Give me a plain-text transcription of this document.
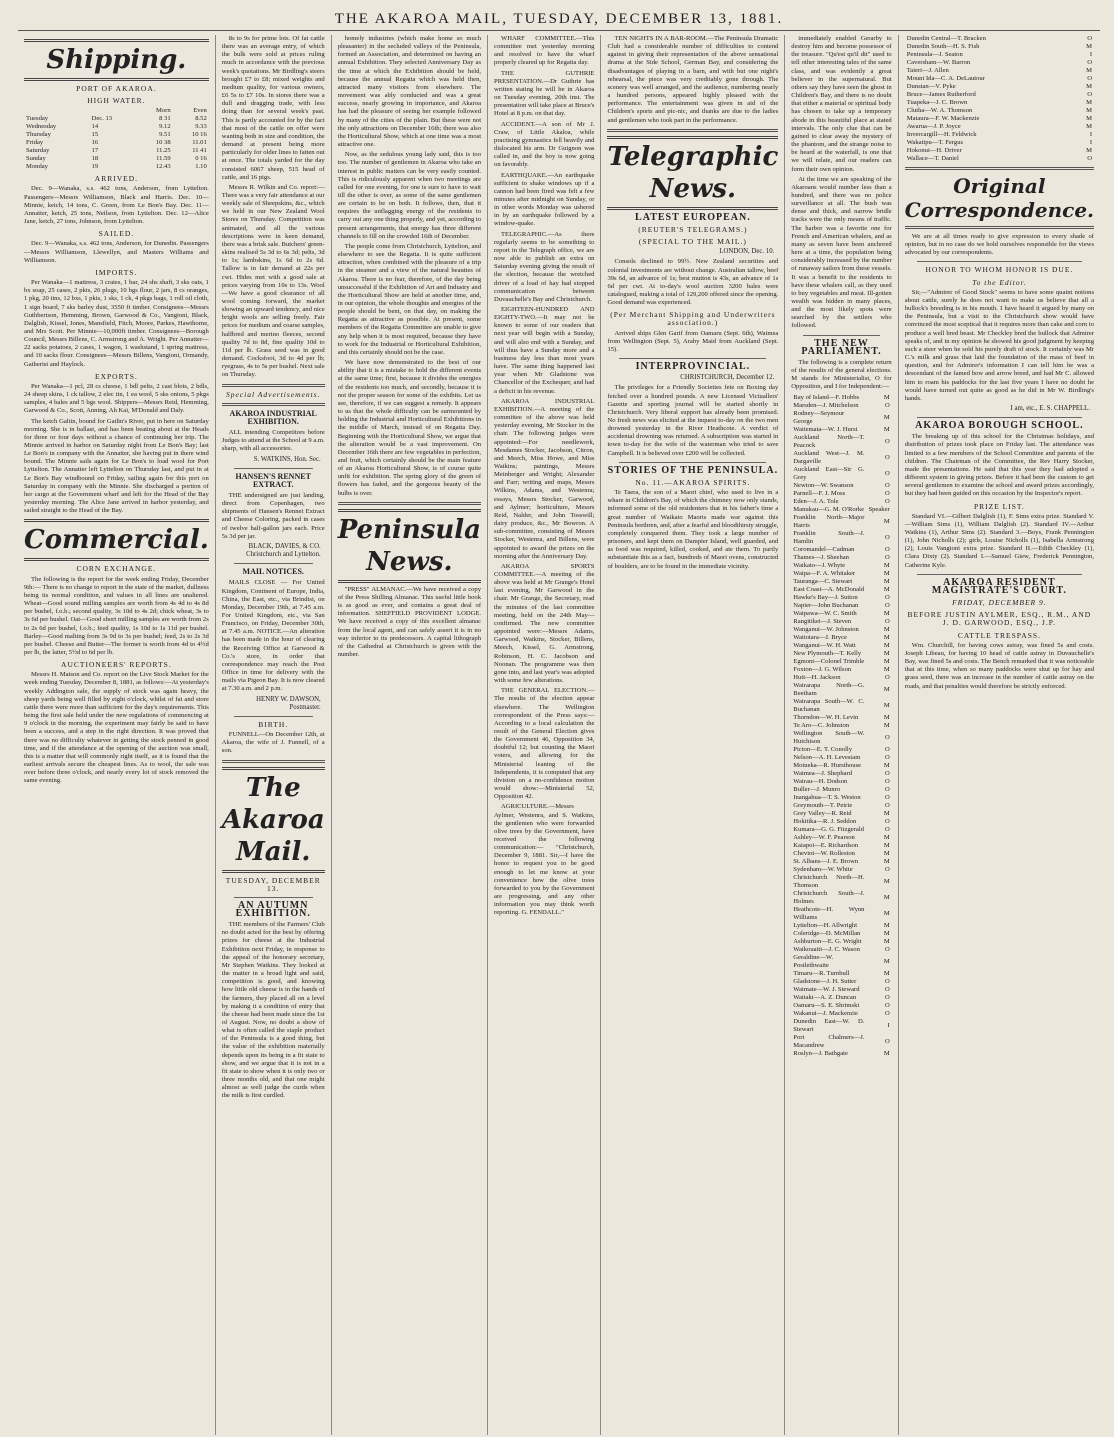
THE AKAROA MAIL, TUESDAY, DECEMBER 13, 1881.
Shipping.
PORT OF AKAROA.
HIGH WATER.
		Morn	Even
Tuesday	Dec. 13	8 31	8.52
Wednesday	14	9.12	9.33
Thursday	15	9.51	10 16
Friday	16	10 38	11.01
Saturday	17	11.25	11 41
Sunday	18	11.59	0 16
Monday	19	12.43	1.10
ARRIVED.

Dec. 9—Wanaka, s.s. 462 tons, Anderson, from Lyttelton. Passengers—Messrs Williamson, Black and Harris. Dec. 10—Minnie, ketch, 14 tons, C. Green, from Le Bon's Bay. Dec. 11—Annatter, ketch, 25 tons, Neilson, from Lyttelton. Dec. 12—Alice Jane, ketch, 27 tons, Johnson, from Lyttelton.

SAILED.

Dec. 9—Wanaka, s.s. 462 tons, Anderson, for Dunedin. Passengers—Messrs Williamson, Llewellyn, and Masters Williams and Williamson.

IMPORTS.

Per Wanaka—1 mattress, 3 crates, 1 bar, 24 shs shaft, 3 sks oats, 1 bx soap, 25 cases, 2 pkts, 26 plugs, 10 bgs flour, 2 jars, 8 cs oranges, 1 pkg, 20 tins, 12 bxs, 1 pkts, 1 sks, 1 ck, 4 pkgs bags, 1 roll oil cloth, 1 sign board, 7 sks barley dust, 3550 ft timber. Consignees—Messrs Guthbertson, Hemming, Brown, Garwood & Co., Vangioni, Black, Dalglish, Kissel, Jones, Mansfield, Fitch, Moore, Parkes, Hawthorne, and Mrs Scott. Per Minnie—10,000ft timber. Consignees—Borough Council, Messrs Billens, C. Armstrong and A. Wright. Per Annatter—22 sacks potatoes, 2 cases, 1 wagon, 1 washstand, 1 spring mattress, and 10 sacks flour. Consignees—Messrs Billens, Vangioni, Ormandy, Gatherist and Haylock.

EXPORTS.

Per Wanaka—1 pcl, 28 cs cheese, 1 bdl pelts, 2 cast blots, 2 bdls, 24 sheep skins, 1 ck tallow, 2 elec tin, 1 ea wool, 5 sks onions, 5 pkgs samples, 4 bales and 5 bgs wool. Shippers—Messrs Reid, Hemming, Garwood & Co., Scott, Anning, Ah Kai, M'Donald and Daly.

The ketch Galtin, bound for Gatlin's River, put in here on Saturday morning. She is in ballast, and has been beating about at the Heads for three or four days without a chance of continuing her trip. The Minnie arrived in harbor on Saturday night from Le Bon's Bay; last Le Bon's in company with the Annatter, she having put in there wind bound. The Minnie sails again for Le Bon's to load wool for Port Lyttelton. The Annatter left Lyttelton on Thursday last, and put in at Le Bon's Bay windbound on Friday, sailing again for this port on Saturday in company with the Minnie. She discharged a portion of her cargo at the Government wharf and left for the Head of the Bay yesterday morning. The Alice Jane arrived in harbor yesterday, and sailed straight to the Head of the Bay.

Commercial.
CORN EXCHANGE.

The following is the report for the week ending Friday, December 9th:— There is no change to report in the state of the market, dullness being its normal condition, and values in all lines are unaltered. Wheat—Good sound milling samples are worth from 4s 4d to 4s 8d per bushel, f.o.b.; second quality, 3s 10d to 4s 2d; chick wheat, 3s to 3s 6d per bushel. Oat—Good short milling samples are worth from 2s to 2s 6d per bushel, f.o.b.; feed quality, 1s 10d to 1s 11d per bushel. Barley—Good malting from 3s 9d to 3s per bushel; feed, 2s to 2s 3d per bushel. Cheese and Butter—The former is worth from 4d to 4½d per lb, the latter, 5½d to 6d per lb.

AUCTIONEERS' REPORTS.

Messrs H. Matson and Co. report on the Live Stock Market for the week ending Tuesday, December 8, 1881, as follows:—At yesterday's weekly Addington sale, the supply of stock was again heavy, the sheep yards being well filled by eight o'clock, whilst of fat and store cattle there were more than sufficient for the day's requirements. This being the first sale held under the new regulations of commencing at 9 o'clock in the morning, the experiment may fairly be said to have been a success, and a step in the right direction. It was proved that there was no difficulty whatever in getting the stock penned in good time, and if the attendance at the opening of the auction was small, this is a matter that will commonly right itself, as it is found that the earliest arrivals secure the cheapest lines. As to wool, the sale was over before three o'clock, and nearly every lot of stock removed the same evening.

8s to 9s for prime lots. Of fat cattle there was an average entry, of which the bulk were sold at prices ruling much in accordance with the previous week's quotations. Mr Birdling's steers brought £7 to £8; mixed weights and medium quality, for various owners, £6 5s to £7 10s. In stores there was a dull and dragging trade, with less doing than for several week's past. This is partly accounted for by the fact that most of the cattle on offer were wanting both in size and condition, the demand at present being more particularly for older lines to fatten out at once. The totals yarded for the day consisted 6067 sheep, 515 head of cattle, and 16 pigs.

Messrs R. Wilkin and Co. report:— There was a very fair attendance at our weekly sale of Sheepskins, &c., which we held in our New Zealand Wool Stores on Thursday. Competition was animated, and all the various descriptions were in keen demand, there was a brisk sale. Butchers' green-skins realised 5s 3d to 6s 3d; pelts, 3d to 1s; lambskins, 1s 6d to 2s 6d. Tallow is in fair demand at 22s per cwt. Hides met with a good sale at prices varying from 10s to 13s. Wool—We have a good clearance of all wool coming forward, the market showing an upward tendency, and nice bright wools are selling freely. Fair prices for medium and coarse samples, halfbred and merino fleeces, second quality 7d to 8d, fine quality 10d to 11d per lb. Grass seed was in good demand. Cocksfoot, 3d to 4d per lb; ryegrass, 4s to 5s per bushel. Next sale on Thursday.

Special Advertisements.
AKAROA INDUSTRIAL EXHIBITION.

ALL intending Competitors before Judges to attend at the School at 9 a.m. sharp, with all accessories.

S. WATKINS, Hon. Sec.
HANSEN'S RENNET EXTRACT.

THE undersigned are just landing, direct from Copenhagen, two shipments of Hansen's Rennet Extract and Cheese Coloring, packed in cases of twelve half-gallon jars each. Price 5s 3d per jar.

BLACK, DAVIES, & CO. Christchurch and Lyttelton.
MAIL NOTICES.

MAILS CLOSE — For United Kingdom, Continent of Europe, India, China, the East, etc., via Brindisi, on Monday, December 19th, at 7.45 a.m. For United Kingdom, etc., via San Francisco, on Friday, December 30th, at 7.45 a.m. NOTICE.—An alteration has been made in the hour of clearing the Receiving Office at Garwood & Co.'s store, in order that correspondence may reach the Post Office in time for delivery with the mails via Pigeon Bay. It is now cleared at 7.30 a.m. and 2 p.m.

HENRY W. DAWSON, Postmaster.
BIRTH.

FUNNELL—On December 12th, at Akaroa, the wife of J. Funnell, of a son.

The Akaroa Mail.
TUESDAY, DECEMBER 13.
AN AUTUMN EXHIBITION.

THE members of the Farmers' Club no doubt acted for the best by offering prizes for cheese at the Industrial Exhibition next Friday, in response to the appeal of the honorary secretary, Mr Stephen Watkins. They looked at the matter in a broad light and said, competition is good, and knowing how little old cheese is in the hands of the farmers, they placed all on a level by making it a condition of entry that the cheese had been made since the 1st of August. Now, no doubt a show of what is often called the staple product of the Peninsula is a good thing, but the value of the exhibition materially depends upon its being in a fit state to show, and we argue that it is not in a fit state to show when it is only two or three months old, and that one might almost as well judge the curds when the milk is first curdled.

homely industries (which make home so much pleasanter) in the secluded valleys of the Peninsula, formed an Association, and determined on having an annual Exhibition. They selected Anniversary Day as the time at which the Exhibition should be held, because the annual Regatta which was held then, attracted many visitors from elsewhere. The movement was ably conducted and was a great success, nearly growing in importance, and Akaroa has had the pleasure of seeing her example followed by many of the cities of the plain. But these were not the only attractions on December 16th; there was also the Horticultural Show, which at one time was a most attractive one.

Now, as the sedulous young lady said, this is too too. The number of gentlemen in Akaroa who take an interest in public matters can be very easily counted. This is ridiculously apparent when two meetings are called for one evening, for one is sure to have to wait till the other is over, as some of the same gentlemen are certain to be on both. It follows, then, that it requires the unflagging energy of the residents to carry out any one thing properly, and yet, according to present arrangements, that energy has three different channels to fill on the crowded 16th of December.

The people come from Christchurch, Lyttelton, and elsewhere to see the Regatta. It is quite sufficient attraction, when combined with the pleasure of a trip in the steamer and a view of the natural beauties of Akaroa. There is no fear, therefore, of the day being unsuccessful if the Exhibition of Art and Industry and the Horticultural Show are held at another time, and, in our opinion, the whole thoughts and energies of the people should be bent, on that day, on making the Regatta as attractive as possible. At present, some members of the Regatta Committee are unable to give any help when it is most required, because they have to work for the Industrial or Horticultural Exhibition, and this certainly should not be the case.

We have now demonstrated to the best of our ability that it is a mistake to hold the different events at the same time; first, because it divides the energies of the residents too much, and secondly, because it is not the proper season for some of the exhibits. Let us see, therefore, if we can suggest a remedy. It appears to us that the whole difficulty can be surmounted by holding the Industrial and Horticultural Exhibitions in the middle of March, instead of on Regatta Day. Beginning with the Horticultural Show, we argue that the alteration would be a vast improvement. On December 16th there are few vegetables in perfection, and fruit, which certainly should be the main feature of an Akaroa Horticultural Show, is of course quite unfit for exhibition. The spring glory of the green of flowers has faded, and the gorgeous beauty of the bulbs is over.

Peninsula News.

"PRESS" ALMANAC.—We have received a copy of the Press Shilling Almanac. This useful little book is as good as ever, and contains a great deal of information. SHEFFIELD PROVIDENT LODGE. We have received a copy of this excellent almanac from the local agent, and can safely assert it is in no way inferior to its predecessors. A capital lithograph of the Cathedral at Christchurch is given with the number.

WHARF COMMITTEE.—This committee met yesterday morning and resolved to have the wharf properly cleared up for Regatta day.

THE GUTHRIE PRESENTATION.—Dr Guthrie has written stating he will be in Akaroa on Tuesday evening, 20th inst. The presentation will take place at Bruce's Hotel at 8 p.m. on that day.

ACCIDENT.—A son of Mr J. Craw, of Little Akaloa, while practising gymnastics fell heavily and dislocated his arm. Dr Guignon was called in, and the boy is now going on favorably.

EARTHQUAKE.—An earthquake sufficient to shake windows up if a cannon had been fired was felt a few minutes after midnight on Sunday, or in other words Monday was ushered in by an earthquake followed by a window-quake.

TELEGRAPHIC.—As there regularly seems to be something to report in the Telegraph office, we are now able to publish an extra on Saturday evening giving the result of the election, because the wretched driver of a load of hay had stopped communication between Duvauchelle's Bay and Christchurch.

EIGHTEEN-HUNDRED AND EIGHTY-TWO.—It may not be known to some of our readers that next year will begin with a Sunday, and will also end with a Sunday, and will thus have a Sunday more and a business day less than most years have. The same thing happened last year when Mr Gladstone was Chancellor of the Exchequer, and had a deficit in his revenue.

AKAROA INDUSTRIAL EXHIBITION.—A meeting of the committee of the above was held yesterday evening, Mr Stocker in the chair. The following judges were appointed:—For needlework, Mesdames Stocker, Jacobson, Citron, and Meech, Miss Howe, and Miss Watkins; paintings, Messrs Meinberger and Wright; Alexander and Farr; writing and maps, Messrs Wilkins, Adams, and Westenra; essays, Messrs Stocker, Garwood, and Aylmer; horticulture, Messrs Reid, Nalder, and John Tosswill; dairy produce, &c., Mr Bowron. A sub-committee, consisting of Messrs Stocker, Westenra, and Billens, were appointed to award the prizes on the morning after the Anniversary Day.

AKAROA SPORTS COMMITTEE.—A meeting of the above was held at Mr Grange's Hotel last evening, Mr Garwood in the chair. Mr Grange, the Secretary, read the minutes of the last committee meeting, held on the 24th May—confirmed. The new committee appointed were:—Messrs Adams, Garwood, Watkins, Stocker, Billens, Meech, Kissel, G. Armstrong, Robinson, H. C. Jacobson and Noonan. The programme was then gone into, and last year's was adopted with some few alterations.

THE GENERAL ELECTION.—The results of the election appear elsewhere. The Wellington correspondent of the Press says:—According to a local calculation the result of the General Election gives the Government 46, Opposition 34, doubtful 12; but counting the Maori voters, and allowing for the Ministerial leaning of the Independents, it is computed that any division on a no-confidence motion would show:—Ministerial 52, Opposition 42.

AGRICULTURE.—Messrs Aylmer, Westenra, and S. Watkins, the gentlemen who were forwarded olive trees by the Government, have received the following communication:— "Christchurch, December 9, 1881. Sir,—I have the honor to request you to be good enough to let me know at your convenience how the olive trees forwarded to you by the Government are progressing, and any other information you may think worth reporting. G. FENDALL."

TEN NIGHTS IN A BAR-ROOM.—The Peninsula Dramatic Club had a considerable number of difficulties to contend against in giving their representation of the above sensational drama at the Side School, German Bay, and considering the disadvantages of playing in a barn, and with but one night's rehearsal, the piece was very creditably gone through. The scenery was well arranged, and the audience, numbering nearly a hundred persons, appeared highly pleased with the performance. The entertainment was given in aid of the Children's sports and pic-nic, and thanks are due to the ladies and gentlemen who took part in the performance.

Telegraphic News.
LATEST EUROPEAN.
(REUTER'S TELEGRAMS.)
(SPECIAL TO THE MAIL.)
LONDON, Dec. 10.

Consols declined to 99½. New Zealand securities and colonial investments are without change. Australian tallow, beef 39s 6d, an advance of 1s; best mutton is 43s, an advance of 1s 6d per cwt. At to-day's wool auction 3200 bales were catalogued, making a total of 129,200 offered since the opening. Good demand was experienced.

(Per Merchant Shipping and Underwriters association.)

Arrived ships Glen Garif from Oamaru (Sept. 6th), Waimea from Wellington (Sept. 5), Araby Maid from Auckland (Sept. 15).

INTERPROVINCIAL.
CHRISTCHURCH, December 12.

The privileges for a Friendly Societies fete on Boxing day fetched over a hundred pounds. A new Licensed Victuallers' Gazette and sporting journal will be started shortly in Christchurch. Very liberal support has already been promised. No fresh news was elicited at the inquest to-day on the two men drowned yesterday in the River Heathcote. A verdict of accidental drowning was returned. A subscription was started in town to-day for the wife of the waterman who tried to save Campbell. It is believed over £200 will be collected.

STORIES OF THE PENINSULA.
No. 11.—AKAROA SPIRITS.

Te Taera, the son of a Maori chief, who used to live in a whare in Children's Bay, of which the chimney now only stands, informed some of the old residenters that in his father's time a great number of Waikato Maoris made war against this Peninsula brethren, and, after a fearful and bloodthirsty struggle, completely conquered them. They took a large number of prisoners, and kept them on Dampier Island, well guarded, and as food was required, killed, cooked, and ate them. To partly substantiate this as a fact, bundreds of Maori ovens, constructed of boulders, are to be found in the immediate vicinity.

immediately enabled Gerarby to destroy him and become possessor of the treasure. "Qu'est qu'il dit" used to tell other interesting tales of the same class, and was evidently a great believer in the supernatural. But others say they have seen the ghost in Children's Bay, and there is no doubt that either a material or spiritual body has chosen to take up a temporary abode in this beautiful place at stated intervals. The only clue that can be gained to clear away the mystery of the phantom, and the strange noise to be heard at the waterfall, is one that we will relate, and our readers can form their own opinion.

At the time we are speaking of the Akaroans would number less than a hundred, and there was no police surveillance at all. The bush was dense and thick, and narrow bridle tracks were the only means of traffic. The harbor was a favorite one for French and American whalers, and as many as seven have been anchored here at a time, the population being considerably increased by the number of runaway sailors from these vessels. It was a benefit to the residents to have these whalers call, as they used to buy vegetables and meat. Ill-gotten wealth was hidden in many places, and the most likely spots were searched by the settlers who followed.

THE NEW PARLIAMENT.

The following is a complete return of the results of the general elections. M stands for Ministerialist, O for Opposition, and I for Independent:—

Bay of Island—F. Hobbs	M
Marsden—J. Mitchelson	O
Rodney—Seymour George	M
Waitemata—W. J. Hurst	M
Auckland North—T. Peacock	O
Auckland West—J. M. Dargaville	O
Auckland East—Sir G. Grey	O
Newton—W. Swanson	O
Parnell—F. J. Moss	O
Eden—J. A. Tole	O
Manukau—G. M. O'Rorke	Speaker
Franklin North—Major Harris	M
Franklin South—J. Hamlin	O
Coromandel—Cadman	O
Thames—J. Sheehan	O
Waikato—J. Whyte	M
Waipa—F. A. Whitaker	M
Tauranga—C. Stewart	M
East Coast—A. McDonald	M
Hawke's Bay—J. Sutton	O
Napier—John Buchanan	O
Waipawa—W. C. Smith	M
Rangitikei—J. Steven	O
Wanganui—W. Johnston	M
Waitotara—J. Bryce	M
Wanganui—W. H. Watt	M
New Plymouth—T. Kelly	M
Egmont—Colonel Trimble	M
Foxton—J. G. Wilson	M
Hutt—H. Jackson	O
Wairarapa North—G. Beetham	M
Wairarapa South—W. C. Buchanan	M
Thorndon—W. H. Levin	M
Te Aro—C. Johnston	M
Wellington South—W. Hutchison	O
Picton—E. T. Conolly	O
Nelson—A. H. Levestam	O
Motueka—R. Hursthouse	M
Waimea—J. Shephard	O
Wairau—H. Dodson	O
Buller—J. Munro	O
Inangahua—T. S. Weston	O
Greymouth—T. Petrie	O
Grey Valley—R. Reid	M
Hokitika—R. J. Seddon	O
Kumara—G. G. Fitzgerald	O
Ashley—W. F. Pearson	M
Kaiapoi—E. Richardson	M
Cheviot—W. Rolleston	M
St. Albans—J. E. Brown	M
Sydenham—W. White	O
Christchurch North—H. Thomson	M
Christchurch South—J. Holmes	M
Heathcote—H. Wynn Williams	M
Lyttelton—H. Allwright	M
Coleridge—D. McMillan	M
Ashburton—E. G. Wright	M
Waikouaiti—J. C. Wason	O
Geraldine—W. Postlethwaite	M
Timaru—R. Turnbull	M
Gladstone—J. H. Sutter	O
Waimate—W. J. Steward	O
Waitaki—A. Z. Duncan	O
Oamaru—S. E. Shrimski	O
Wakanui—J. Mackenzie	O
Dunedin East—W. D. Stewart	I
Port Chalmers—J. Macandrew	O
Roslyn—J. Bathgate	M
Dunedin Central—T. Bracken	O
Dunedin South—H. S. Fish	M
Peninsula—J. Seaton	I
Caversham—W. Barron	O
Taieri—J. Allen	M
Mount Ida—C. A. DeLautour	O
Dunstan—V. Pyke	M
Bruce—James Rutherford	O
Tuapeka—J. C. Brown	M
Clutha—W. A. Thomson	M
Mataura—F. W. Mackenzie	M
Awarua—J. P. Joyce	M
Invercargill—H. Feldwick	I
Wakatipu—T. Fergus	I
Hokonui—H. Driver	M
Wallace—T. Daniel	O
Original Correspondence.

We are at all times ready to give expression to every shade of opinion, but in no case do we hold ourselves responsible for the views advocated by our correspondents.

HONOR TO WHOM HONOR IS DUE.
To the Editor.

Sir,—"Admirer of Good Stock" seems to have some quaint notions about cattle, surely he does not want to make us believe that all a bullock's breeding is in his mouth. I have heard it argued by many on the Peninsula, but a visit to the Christchurch show would have convinced the most sceptical that it requires more than cake and corn to produce a well bred beast. Mr Checkley bred the bullock that Admirer speaks of, and in my opinion he showed his good judgment by keeping such a steer when he sold his purely draft of stock. It certainly was Mr C.'s milk and grass that laid the foundation of the mass of beef in question, and for Admirer's information I can tell him he was a descendant of the famed bow and arrow breed, and had Mr C. allowed him to roam his paddocks for the last five years I have no doubt he would have turned out quite as good as he did in Mr W. Birdling's hands.

I am, etc., E. S. CHAPPELL.
AKAROA BOROUGH SCHOOL.

The breaking up of this school for the Christmas holidays, and distribution of prizes took place on Friday last. The attendance was limited to a few members of the School Committee and parents of the children. The Chairman of the Committee, the Rev Harry Stocker, made the presentations. He said that this year they had adopted a different system in giving prizes. Before it had been the custom to get several gentlemen to examine the school and award prizes accordingly, but they had been guided on this occasion by the Inspector's report.

PRIZE LIST.

Standard VI.—Gilbert Dalglish (1), F. Sims extra prize. Standard V.—William Sims (1), William Dalglish (2). Standard IV.—Arthur Watkins (1), Arthur Sims (2). Standard 3.—Boys, Frank Pennington (1), John Nicholls (2); girls, Louise Nicholls (1), Isabella Armstrong (2), Louis Vangioni extra prize. Standard II.—Edith Checkley (1), Clara Dixty (2). Standard I.—Samuel Giew, Frederick Pennington, Catherine Kyle.

AKAROA RESIDENT MAGISTRATE'S COURT.
FRIDAY, DECEMBER 9.
BEFORE JUSTIN AYLMER, ESQ., R.M., AND J. D. GARWOOD, ESQ., J.P.
CATTLE TRESPASS.

Wm. Churchill, for having cows astray, was fined 5s and costs. Joseph Libeau, for having 10 head of cattle astray in Duvauchelle's Bay, was fined 5s and costs. The Bench remarked that it was noticeable that at this time, when so many paddocks were shut up for hay and grass seed, there was an increase in the number of cattle astray on the roads, and that penalties would therefore be strictly enforced.
